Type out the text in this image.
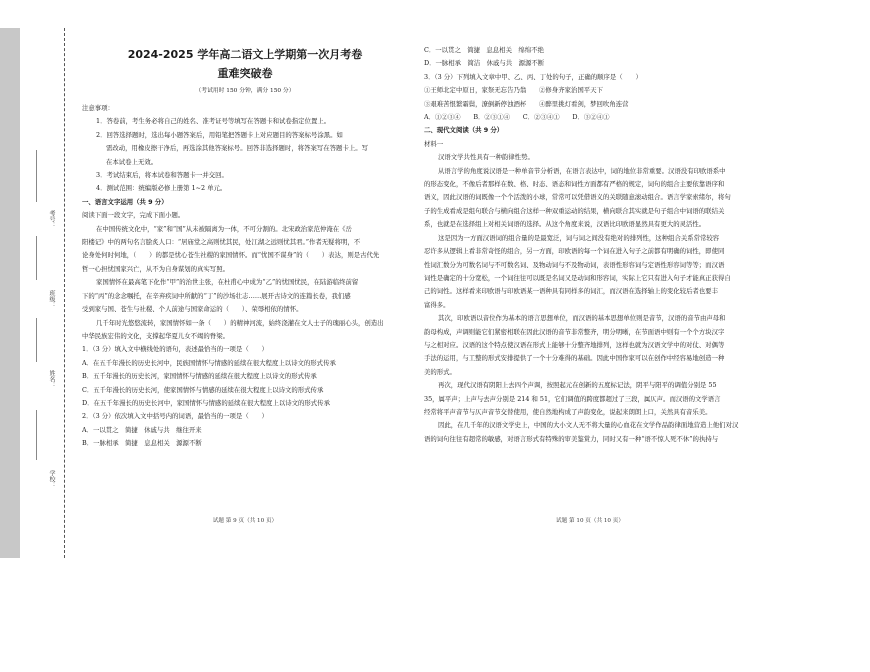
学校：
姓名：
班级：
考号：
2024-2025 学年高二语文上学期第一次月考卷
重难突破卷
（考试用时 150 分钟，满分 150 分）
注意事项：
1．答卷前，考生务必将自己的姓名、准考证号等填写在答题卡和试卷指定位置上。
2．回答选择题时，选出每小题答案后，用铅笔把答题卡上对应题目的答案标号涂黑。如
需改动，用橡皮擦干净后，再选涂其他答案标号。回答非选择题时，将答案写在答题卡上。写
在本试卷上无效。
3．考试结束后，将本试卷和答题卡一并交回。
4．测试范围：统编版必修上册第 1~2 单元。
一、语言文字运用（共 9 分）
阅读下面一段文字，完成下面小题。
在中国传统文化中，“家”和“国”从未被隔离为一体，不可分割的。北宋政治家范仲淹在《岳
阳楼记》中的两句名言脍炙人口：“居庙堂之高则忧其民，处江湖之远则忧其君。”作者无疑将明，不
论身处何时何地，（　　）的都是忧心苍生社稷的家国情怀。而“忧国不谋身”的（　　）表达，则是古代先
哲一心担忧国家兴亡，从不为自身谋划的真实写照。
家国情怀在最高笔下化作“甲”的治世主张，在杜甫心中成为“乙”的忧国忧民，在陆游临终前留
下的“丙”的念念嘱托，在辛弃疾词中所献的“丁”的沙场壮志……展开古诗文的连篇长卷，我们感
受到家与国、苍生与社稷、个人前途与国家命运的（　　）、荣辱相依的情怀。
几千年时光悠悠流转，家国情怀如一条（　　）的精神河流，始终浇灌在文人士子的瑰丽心头，创造出
中华民族宏伟的文化，支撑起华夏儿女不竭的脊梁。
1．（3 分）填入文中横线处的语句，表述最恰当的一项是（　　）
A．在五千年漫长的历史长河中，民族国情怀与情感的延续在很大程度上以诗文的形式传承
B．五千年漫长的历史长河，家国情怀与情感的延续在很大程度上以诗文的形式传承
C．五千年漫长的历史长河，使家国情怀与情感的延续在很大程度上以诗文的形式传承
D．在五千年漫长的历史长河中，家国情怀与情感的延续在很大程度上以诗文的形式传承
2．（3 分）依次填入文中括号内的词语，最恰当的一项是（　　）
A．一以贯之　简捷　休戚与共　继往开来
B．一脉相承　简捷　息息相关　源源不断
试题 第 9 页（共 10 页）
C．一以贯之　简捷　息息相关　绵绵不绝
D．一脉相承　简洁　休戚与共　源源不断
3．（3 分）下列填入文章中甲、乙、丙、丁处的句子，正确的顺序是（　　）
①王师北定中原日，家祭无忘告乃翁　　②修身齐家治国平天下
③艰难苦恨繁霜鬓，潦倒新停浊酒杯　　④醉里挑灯看剑，梦回吹角连营
A．①②③④　　B．②③①④　　C．②③④①　　D．③②④①
二、现代文阅读（共 9 分）
材料一
汉语文学共性具有一种韵律性势。
从语言学的角度说汉语是一种单音节分析语，在语言表达中，词的地位非常重要。汉语没有印欧语系中
的形态变化，不像后者那样在数、格、时态、语态和词性方面都有严格的规定，词句的组合主要依靠语序和
语义，因此汉语的词既像一个个活泼的小球，常常可以凭借语义的关联随意滚动组合。语言学家索绪尔，将句
子的生成看成是组句联合与横向组合这样一种双重运动的结果，横向联合其实就是句子组合中词语的联结关
系，也就是在选择组上对相关词语的选择。从这个角度来说，汉语比印欧语显然具有更大的灵活性。
这是因为一方面汉语词的组合量的是最宽泛，词与词之间没有绝对的排列性，这种组合关系常常较容
忍许多从逻辑上看非常奇怪的组合，另一方面，印欧语的每一个词在进入句子之前都有明确的词性，即使同
性词汇数分为可数名词与不可数名词、及物动词与不及物动词，表语性形容词与定语性形容词等等；而汉语
词性是确定的十分宽松，一个词往往可以既是名词又是动词和形容词，实际上它只有进入句子才能真正获得自
己的词性。这样看来印欧语与印欧语某一语种具有同样多的词汇，而汉语在选择轴上的变化较后者也要丰
富得多。
其次，印欧语以音位作为基本的语言思想单位，而汉语的基本思想单位则是音节，汉语的音节由声母和
韵母构成，声调则能它们紧密相联在因此汉语的音节非常整齐，明分明晰，在节面语中则有一个个方块汉字
与之相对应。汉语的这个特点使汉语在形式上能够十分整齐地排列，这样也就为汉语文学中的对仗、对偶等
手法的运用，与工整的形式安排提供了一个十分难得的基础。因此中国作家可以在创作中经容易地创造一种
美的形式。
再次，现代汉语有阴阳上去四个声调，按照起元在创新的五度标记法，阴平与阳平的调值分别是 55
35，属平声；上声与去声分别是 214 和 51，它们调值的跨度都超过了三段，属仄声。而汉语的文学语言
经常将平声音节与仄声音节交替使用，使自然地构成了声韵变化，说起来朗朗上口，关然具有音乐美。
因此，在几千年的汉语文学史上，中国的大小文人无不将大量的心血花在文学作品韵律面地营造上他们对汉
语的词句往往有超常的敏感，对语言形式有特殊的审美鉴赏力，同时又有一种“语不惊人死不休”的执持与
试题 第 10 页（共 10 页）
